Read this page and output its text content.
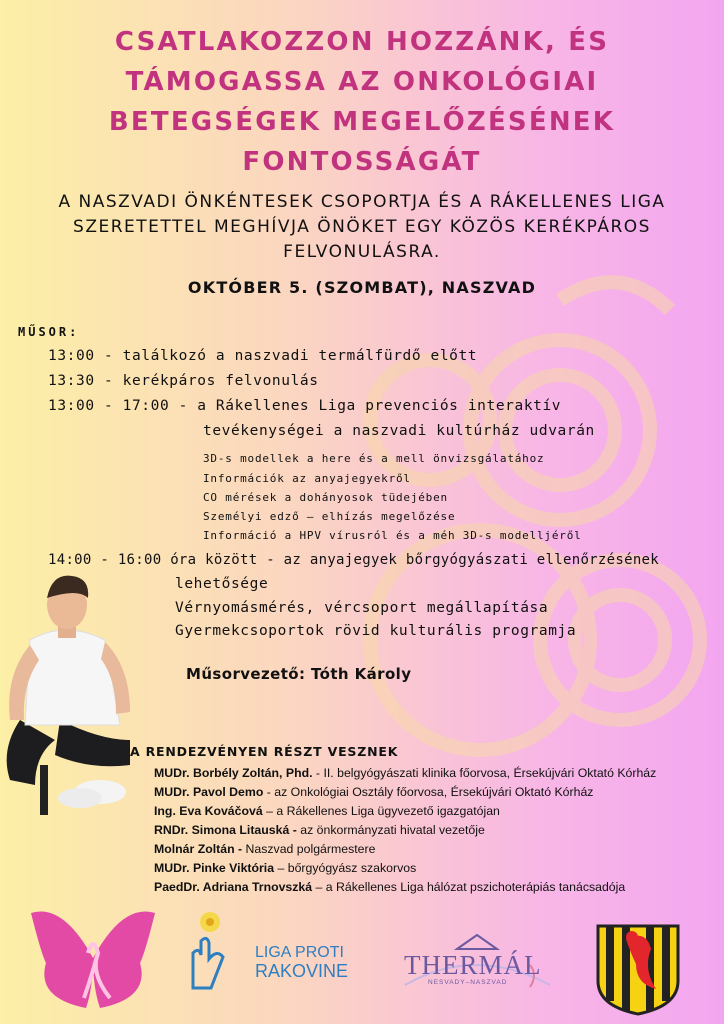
CSATLAKOZZON HOZZÁNK, ÉS
TÁMOGASSA AZ ONKOLÓGIAI
BETEGSÉGEK MEGELŐZÉSÉNEK
FONTOSSÁGÁT
A NASZVADI ÖNKÉNTESEK CSOPORTJA ÉS A RÁKELLENES LIGA
SZERETETTEL MEGHÍVJA ÖNÖKET EGY KÖZÖS KERÉKPÁROS
FELVONULÁSRA.
OKTÓBER 5. (SZOMBAT), NASZVAD
MŰSOR:
13:00 - találkozó a naszvadi termálfürdő előtt
13:30 - kerékpáros felvonulás
13:00 - 17:00 - a Rákellenes Liga prevenciós interaktív
tevékenységei a naszvadi kultúrház udvarán
3D-s modellek a here és a mell önvizsgálatához
Információk az anyajegyekről
CO mérések a dohányosok tüdejében
Személyi edző – elhízás megelőzése
Információ a HPV vírusról és a méh 3D-s modelljéről
14:00 - 16:00 óra között - az anyajegyek bőrgyógyászati ellenőrzésének
lehetősége
Vérnyomásmérés, vércsoport megállapítása
Gyermekcsoportok rövid kulturális programja
Műsorvezető: Tóth Károly
A RENDEZVÉNYEN RÉSZT VESZNEK
MUDr. Borbély Zoltán, Phd. - II. belgyógyászati klinika főorvosa, Érsekújvári Oktató Kórház
MUDr. Pavol Demo - az Onkológiai Osztály főorvosa, Érsekújvári Oktató Kórház
Ing. Eva Kováčová – a Rákellenes Liga ügyvezető igazgatójan
RNDr. Simona Litauská - az önkormányzati hivatal vezetője
Molnár Zoltán - Naszvad polgármestere
MUDr. Pinke Viktória – bőrgyógyász szakorvos
PaedDr. Adriana Trnovszká – a Rákellenes Liga hálózat pszichoterápiás tanácsadója
LIGA PROTI
RAKOVINE THERMÁL
NESVADY–NASZVAD
